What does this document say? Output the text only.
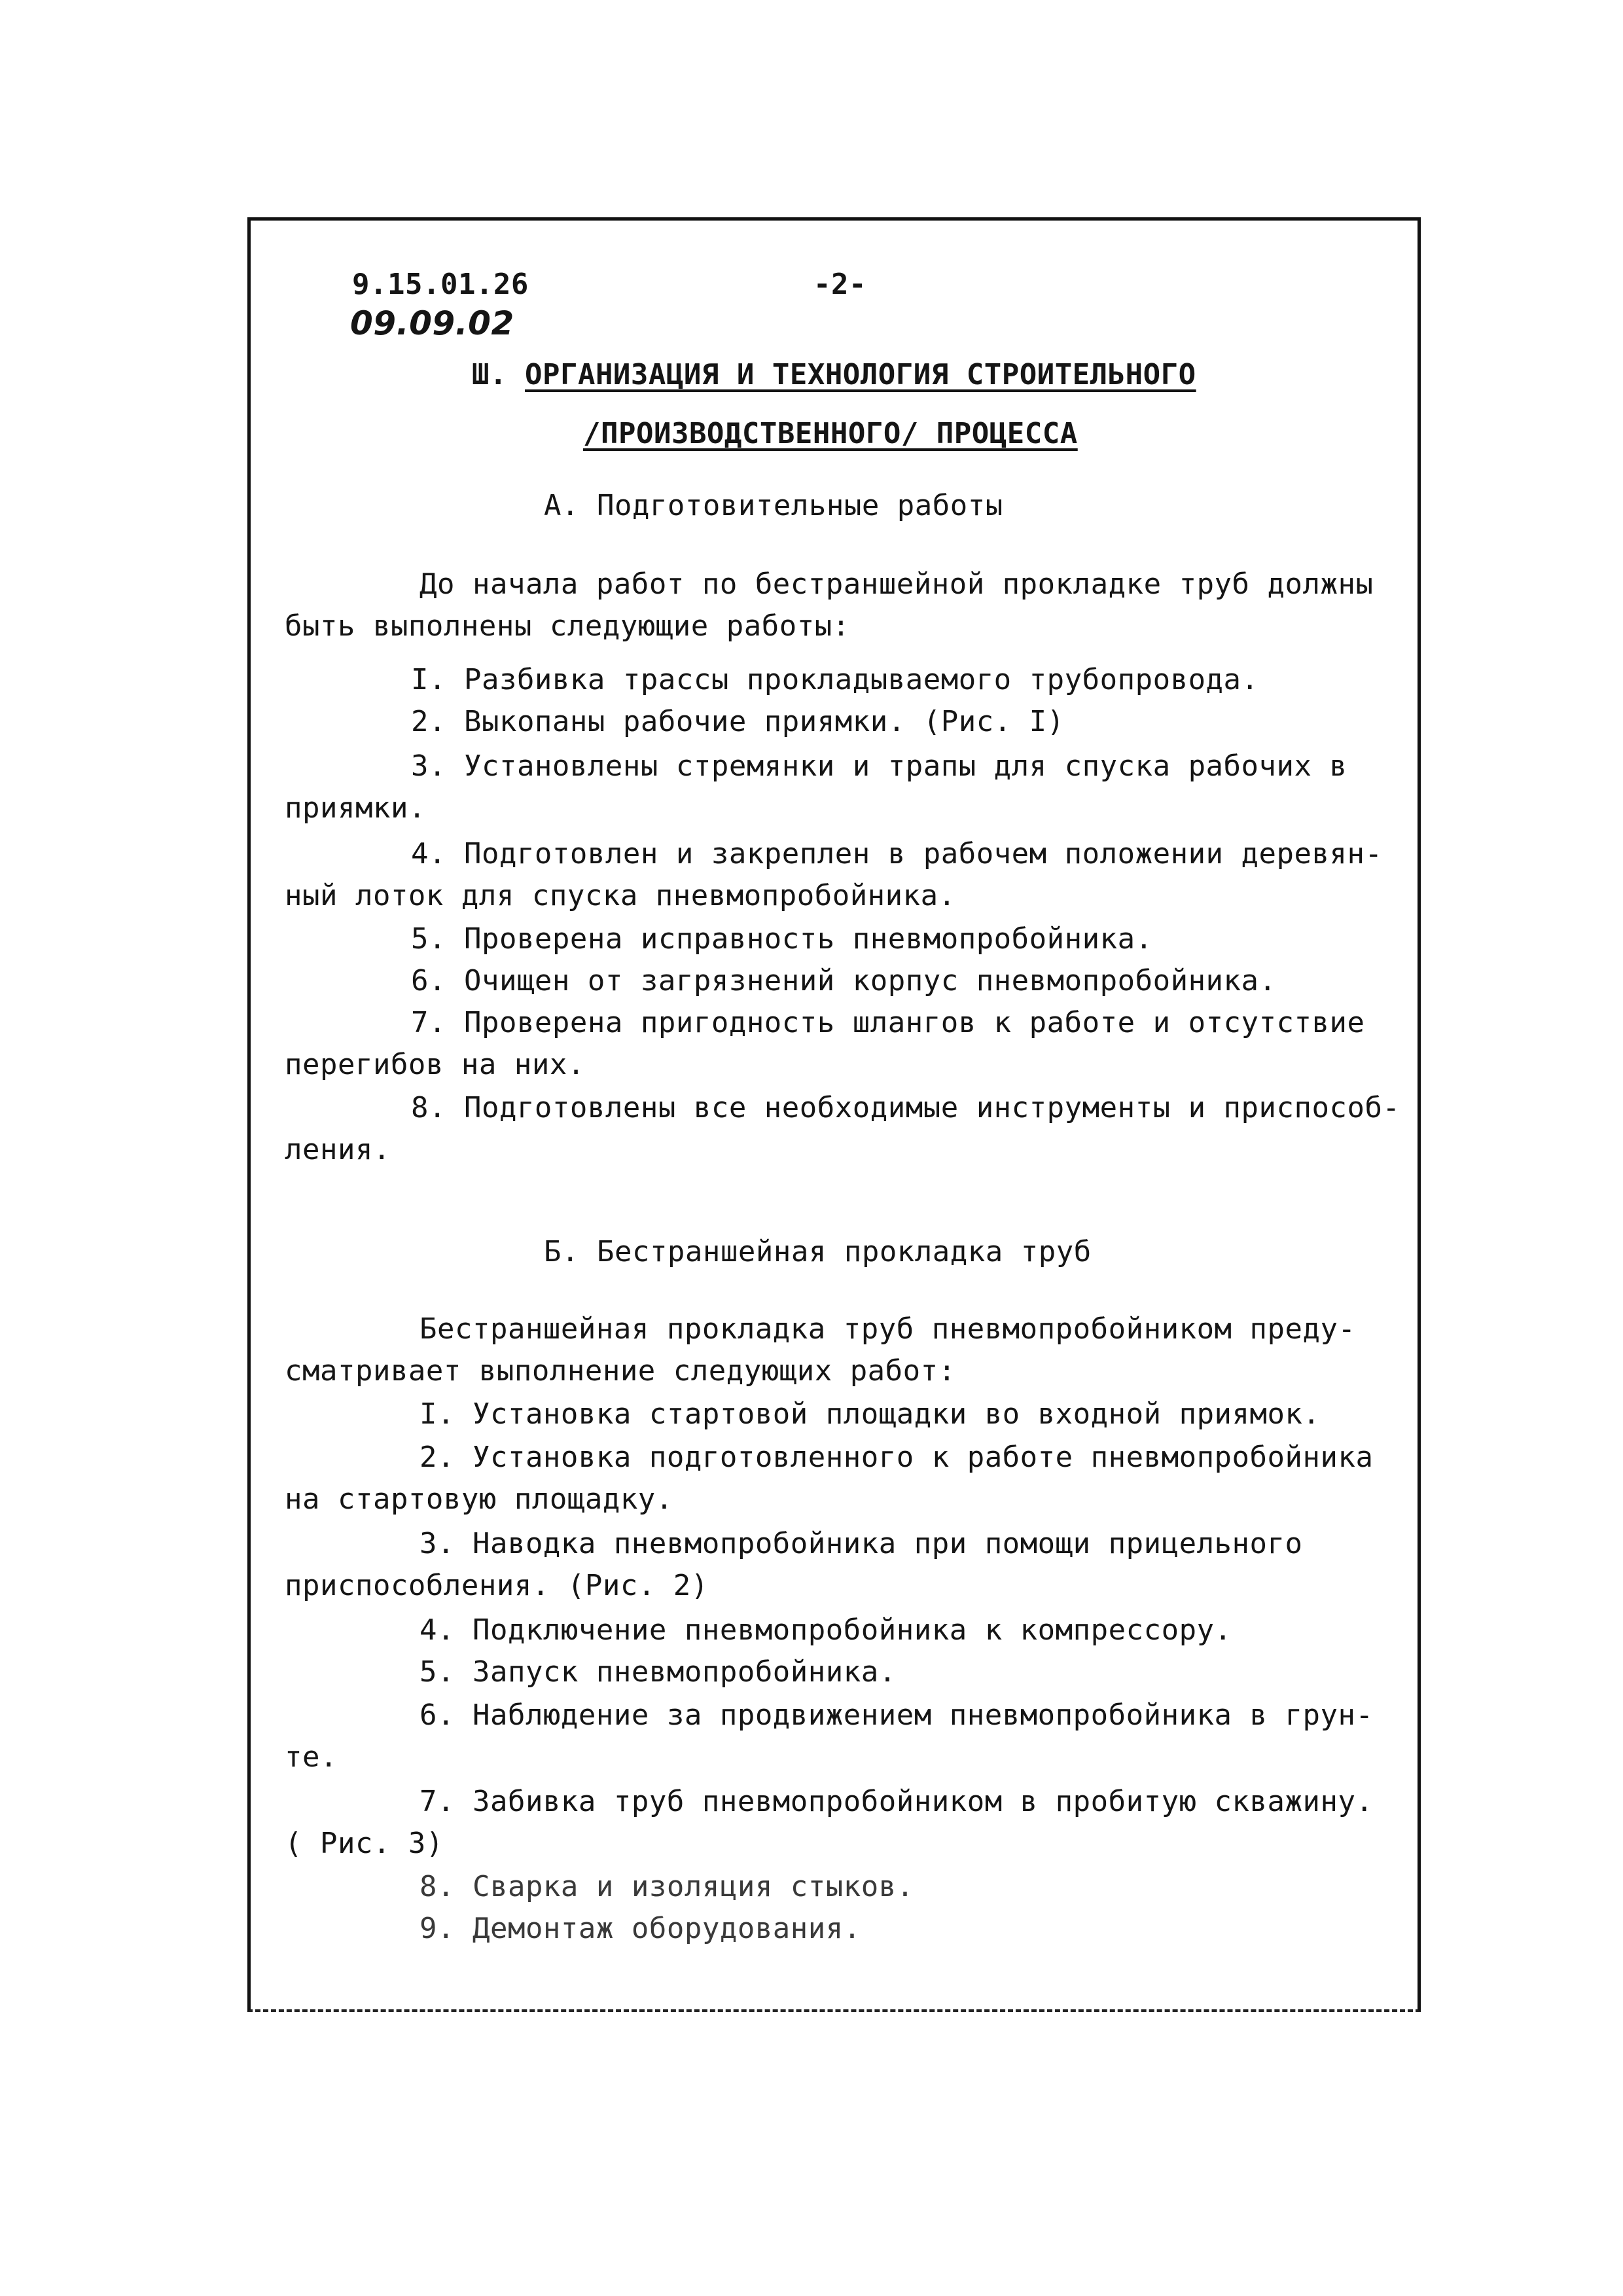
9.15.01.26
09.09.02
-2-
Ш. ОРГАНИЗАЦИЯ И ТЕХНОЛОГИЯ СТРОИТЕЛЬНОГО
/ПРОИЗВОДСТВЕННОГО/ ПРОЦЕССА
А. Подготовительные работы
До начала работ по бестраншейной прокладке труб должны
быть выполнены следующие работы:
I. Разбивка трассы прокладываемого трубопровода.
2. Выкопаны рабочие приямки. (Рис. I)
3. Установлены стремянки и трапы для спуска рабочих в
приямки.
4. Подготовлен и закреплен в рабочем положении деревян-
ный лоток для спуска пневмопробойника.
5. Проверена исправность пневмопробойника.
6. Очищен от загрязнений корпус пневмопробойника.
7. Проверена пригодность шлангов к работе и отсутствие
перегибов на них.
8. Подготовлены все необходимые инструменты и приспособ-
ления.
Б. Бестраншейная прокладка труб
Бестраншейная прокладка труб пневмопробойником преду-
сматривает выполнение следующих работ:
I. Установка стартовой площадки во входной приямок.
2. Установка подготовленного к работе пневмопробойника
на стартовую площадку.
3. Наводка пневмопробойника при помощи прицельного
приспособления. (Рис. 2)
4. Подключение пневмопробойника к компрессору.
5. Запуск пневмопробойника.
6. Наблюдение за продвижением пневмопробойника в грун-
те.
7. Забивка труб пневмопробойником в пробитую скважину.
( Рис. 3)
8. Сварка и изоляция стыков.
9. Демонтаж оборудования.
